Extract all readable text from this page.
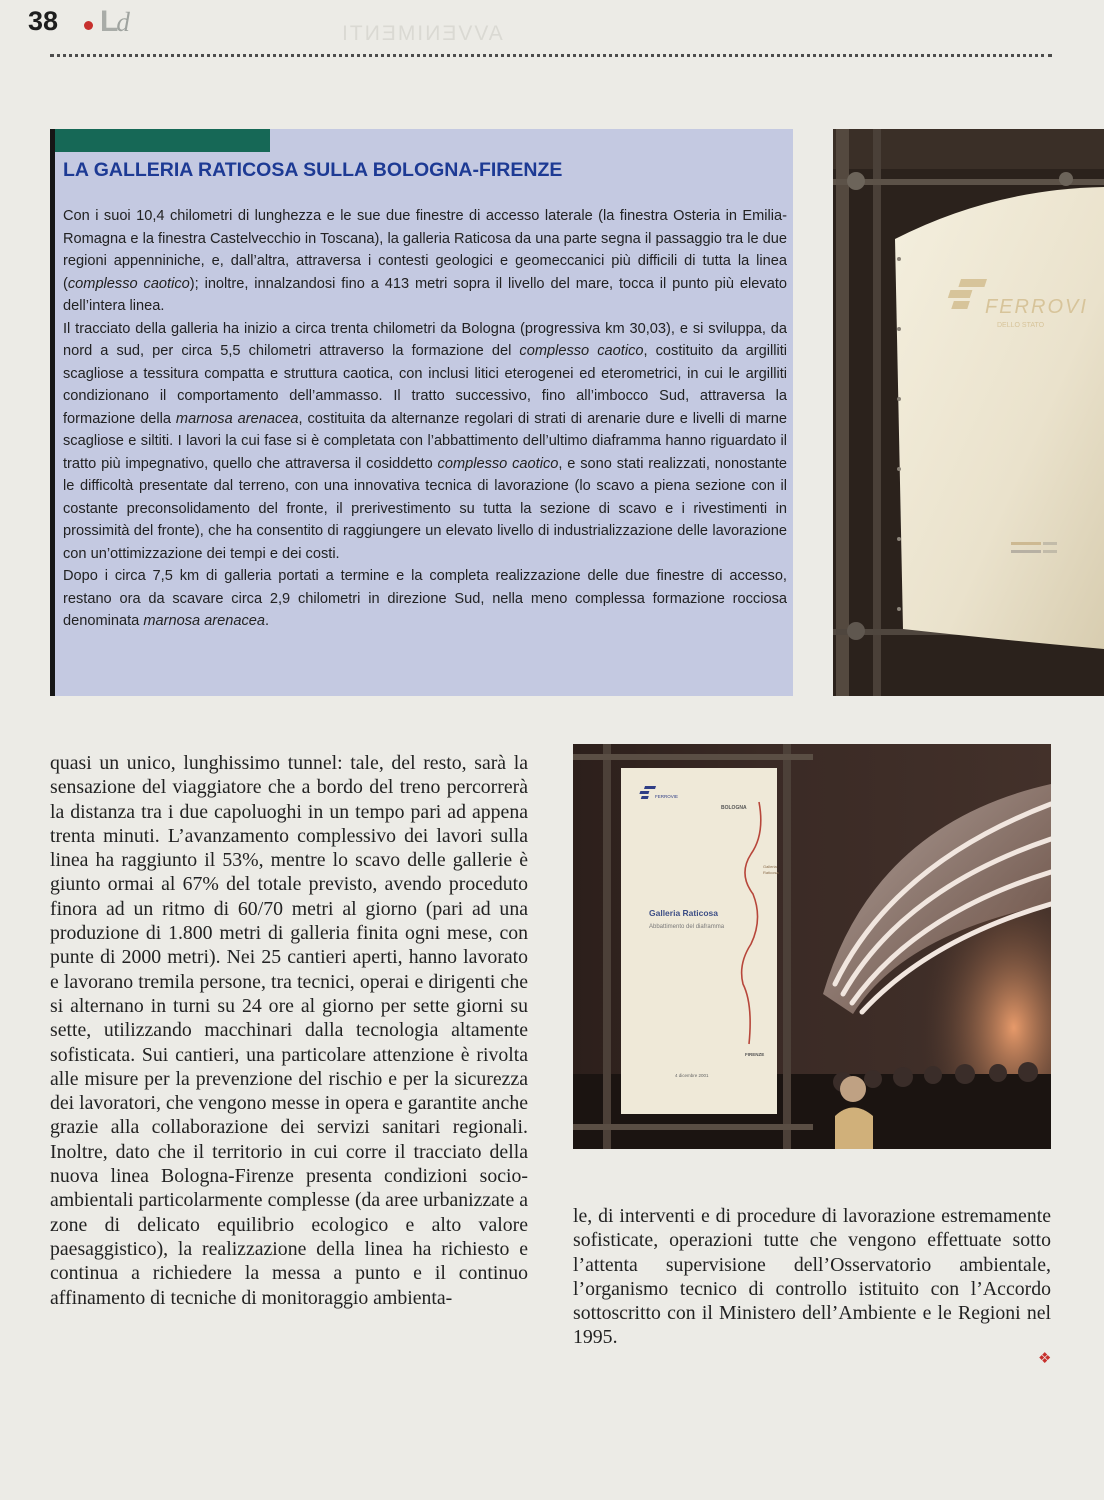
38 Ld	AVVENIMENTI
LA GALLERIA RATICOSA SULLA BOLOGNA-FIRENZE

Con i suoi 10,4 chilometri di lunghezza e le sue due finestre di accesso laterale (la finestra Osteria in Emilia-Romagna e la finestra Castelvecchio in Toscana), la galleria Raticosa da una parte segna il passaggio tra le due regioni appenniniche, e, dall’altra, attraversa i contesti geologici e geomeccanici più difficili di tutta la linea (complesso caotico); inoltre, innalzandosi fino a 413 metri sopra il livello del mare, tocca il punto più elevato dell’intera linea.

Il tracciato della galleria ha inizio a circa trenta chilometri da Bologna (progressiva km 30,03), e si sviluppa, da nord a sud, per circa 5,5 chilometri attraverso la formazione del complesso caotico, costituito da argilliti scagliose a tessitura compatta e struttura caotica, con inclusi litici eterogenei ed eterometrici, in cui le argilliti condizionano il comportamento dell’ammasso. Il tratto successivo, fino all’imbocco Sud, attraversa la formazione della marnosa arenacea, costituita da alternanze regolari di strati di arenarie dure e livelli di marne scagliose e siltiti. I lavori la cui fase si è completata con l’abbattimento dell’ultimo diaframma hanno riguardato il tratto più impegnativo, quello che attraversa il cosiddetto complesso caotico, e sono stati realizzati, nonostante le difficoltà presentate dal terreno, con una innovativa tecnica di lavorazione (lo scavo a piena sezione con il costante preconsolidamento del fronte, il prerivestimento su tutta la sezione di scavo e i rivestimenti in prossimità del fronte), che ha consentito di raggiungere un elevato livello di industrializzazione delle lavorazione con un’ottimizzazione dei tempi e dei costi.

Dopo i circa 7,5 km di galleria portati a termine e la completa realizzazione delle due finestre di accesso, restano ora da scavare circa 2,9 chilometri in direzione Sud, nella meno complessa formazione rocciosa denominata marnosa arenacea.

FERROVI
DELLO STATO
FERROVIE
BOLOGNA
Galleria
Raticosa
Galleria Raticosa
Abbattimento del diaframma
FIRENZE
4 dicembre 2001

quasi un unico, lunghissimo tunnel: tale, del resto, sarà la sensazione del viaggiatore che a bordo del treno percorrerà la distanza tra i due capoluoghi in un tempo pari ad appena trenta minuti. L’avanzamento complessivo dei lavori sulla linea ha raggiunto il 53%, mentre lo scavo delle gallerie è giunto ormai al 67% del totale previsto, avendo proceduto finora ad un ritmo di 60/70 metri al giorno (pari ad una produzione di 1.800 metri di galleria finita ogni mese, con punte di 2000 metri). Nei 25 cantieri aperti, hanno lavorato e lavorano tremila persone, tra tecnici, operai e dirigenti che si alternano in turni su 24 ore al giorno per sette giorni su sette, utilizzando macchinari dalla tecnologia altamente sofisticata. Sui cantieri, una particolare attenzione è rivolta alle misure per la prevenzione del rischio e per la sicurezza dei lavoratori, che vengono messe in opera e garantite anche grazie alla collaborazione dei servizi sanitari regionali. Inoltre, dato che il territorio in cui corre il tracciato della nuova linea Bologna-Firenze presenta condizioni socio-ambientali particolarmente complesse (da aree urbanizzate a zone di delicato equilibrio ecologico e alto valore paesaggistico), la realizzazione della linea ha richiesto e continua a richiedere la messa a punto e il continuo affinamento di tecniche di monitoraggio ambienta-

le, di interventi e di procedure di lavorazione estremamente sofisticate, operazioni tutte che vengono effettuate sotto l’attenta supervisione dell’Osservatorio ambientale, l’organismo tecnico di controllo istituito con l’Accordo sottoscritto con il Ministero dell’Ambiente e le Regioni nel 1995.

❖
